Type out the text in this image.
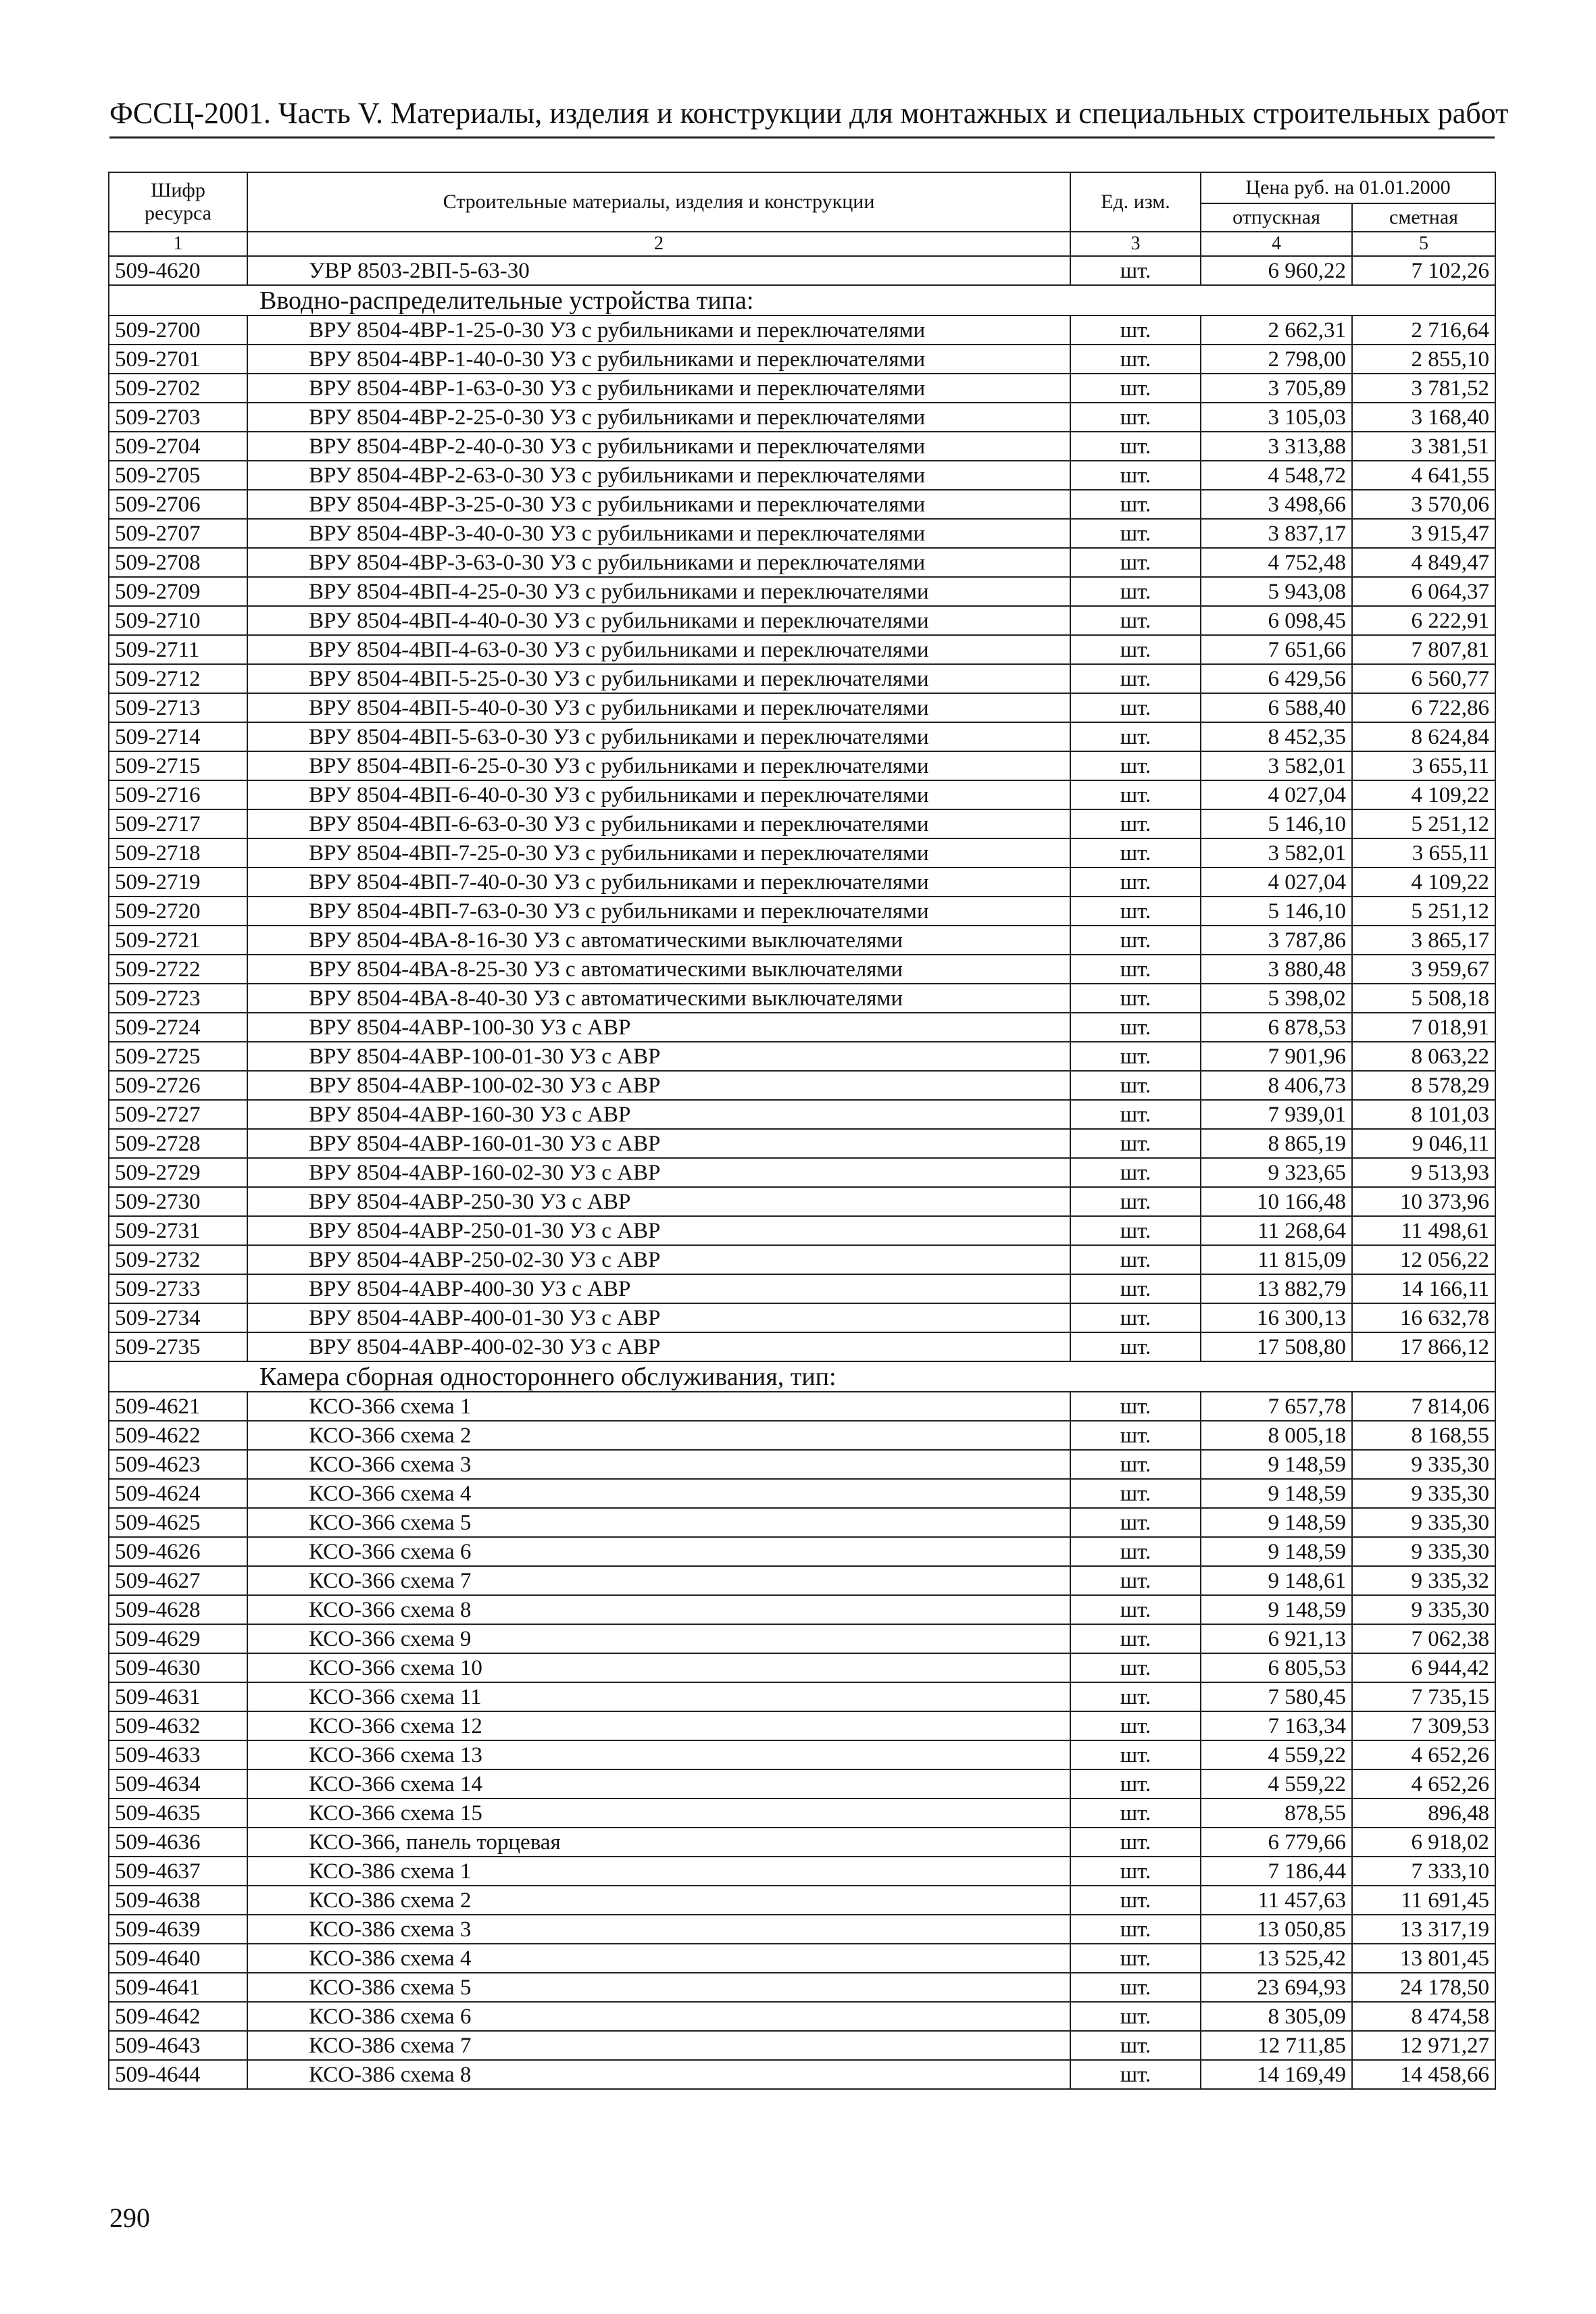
ФССЦ-2001. Часть V. Материалы, изделия и конструкции для монтажных и специальных строительных работ
Шифр ресурса	Строительные материалы, изделия и конструкции	Ед. изм.	Цена руб. на 01.01.2000	
			отпускная	сметная
1	2	3	4	5
509-4620	УВР 8503-2ВП-5-63-30	шт.	6 960,22	7 102,26
Вводно-распределительные устройства типа:				
509-2700	ВРУ 8504-4ВР-1-25-0-30 УЗ с рубильниками и переключателями	шт.	2 662,31	2 716,64
509-2701	ВРУ 8504-4ВР-1-40-0-30 УЗ с рубильниками и переключателями	шт.	2 798,00	2 855,10
509-2702	ВРУ 8504-4ВР-1-63-0-30 УЗ с рубильниками и переключателями	шт.	3 705,89	3 781,52
509-2703	ВРУ 8504-4ВР-2-25-0-30 УЗ с рубильниками и переключателями	шт.	3 105,03	3 168,40
509-2704	ВРУ 8504-4ВР-2-40-0-30 УЗ с рубильниками и переключателями	шт.	3 313,88	3 381,51
509-2705	ВРУ 8504-4ВР-2-63-0-30 УЗ с рубильниками и переключателями	шт.	4 548,72	4 641,55
509-2706	ВРУ 8504-4ВР-3-25-0-30 УЗ с рубильниками и переключателями	шт.	3 498,66	3 570,06
509-2707	ВРУ 8504-4ВР-3-40-0-30 УЗ с рубильниками и переключателями	шт.	3 837,17	3 915,47
509-2708	ВРУ 8504-4ВР-3-63-0-30 УЗ с рубильниками и переключателями	шт.	4 752,48	4 849,47
509-2709	ВРУ 8504-4ВП-4-25-0-30 УЗ с рубильниками и переключателями	шт.	5 943,08	6 064,37
509-2710	ВРУ 8504-4ВП-4-40-0-30 УЗ с рубильниками и переключателями	шт.	6 098,45	6 222,91
509-2711	ВРУ 8504-4ВП-4-63-0-30 УЗ с рубильниками и переключателями	шт.	7 651,66	7 807,81
509-2712	ВРУ 8504-4ВП-5-25-0-30 УЗ с рубильниками и переключателями	шт.	6 429,56	6 560,77
509-2713	ВРУ 8504-4ВП-5-40-0-30 УЗ с рубильниками и переключателями	шт.	6 588,40	6 722,86
509-2714	ВРУ 8504-4ВП-5-63-0-30 УЗ с рубильниками и переключателями	шт.	8 452,35	8 624,84
509-2715	ВРУ 8504-4ВП-6-25-0-30 УЗ с рубильниками и переключателями	шт.	3 582,01	3 655,11
509-2716	ВРУ 8504-4ВП-6-40-0-30 УЗ с рубильниками и переключателями	шт.	4 027,04	4 109,22
509-2717	ВРУ 8504-4ВП-6-63-0-30 УЗ с рубильниками и переключателями	шт.	5 146,10	5 251,12
509-2718	ВРУ 8504-4ВП-7-25-0-30 УЗ с рубильниками и переключателями	шт.	3 582,01	3 655,11
509-2719	ВРУ 8504-4ВП-7-40-0-30 УЗ с рубильниками и переключателями	шт.	4 027,04	4 109,22
509-2720	ВРУ 8504-4ВП-7-63-0-30 УЗ с рубильниками и переключателями	шт.	5 146,10	5 251,12
509-2721	ВРУ 8504-4ВА-8-16-30 УЗ с автоматическими выключателями	шт.	3 787,86	3 865,17
509-2722	ВРУ 8504-4ВА-8-25-30 УЗ с автоматическими выключателями	шт.	3 880,48	3 959,67
509-2723	ВРУ 8504-4ВА-8-40-30 УЗ с автоматическими выключателями	шт.	5 398,02	5 508,18
509-2724	ВРУ 8504-4АВР-100-30 УЗ с АВР	шт.	6 878,53	7 018,91
509-2725	ВРУ 8504-4АВР-100-01-30 УЗ с АВР	шт.	7 901,96	8 063,22
509-2726	ВРУ 8504-4АВР-100-02-30 УЗ с АВР	шт.	8 406,73	8 578,29
509-2727	ВРУ 8504-4АВР-160-30 УЗ с АВР	шт.	7 939,01	8 101,03
509-2728	ВРУ 8504-4АВР-160-01-30 УЗ с АВР	шт.	8 865,19	9 046,11
509-2729	ВРУ 8504-4АВР-160-02-30 УЗ с АВР	шт.	9 323,65	9 513,93
509-2730	ВРУ 8504-4АВР-250-30 УЗ с АВР	шт.	10 166,48	10 373,96
509-2731	ВРУ 8504-4АВР-250-01-30 УЗ с АВР	шт.	11 268,64	11 498,61
509-2732	ВРУ 8504-4АВР-250-02-30 УЗ с АВР	шт.	11 815,09	12 056,22
509-2733	ВРУ 8504-4АВР-400-30 УЗ с АВР	шт.	13 882,79	14 166,11
509-2734	ВРУ 8504-4АВР-400-01-30 УЗ с АВР	шт.	16 300,13	16 632,78
509-2735	ВРУ 8504-4АВР-400-02-30 УЗ с АВР	шт.	17 508,80	17 866,12
Камера сборная одностороннего обслуживания, тип:				
509-4621	КСО-366 схема 1	шт.	7 657,78	7 814,06
509-4622	КСО-366 схема 2	шт.	8 005,18	8 168,55
509-4623	КСО-366 схема 3	шт.	9 148,59	9 335,30
509-4624	КСО-366 схема 4	шт.	9 148,59	9 335,30
509-4625	КСО-366 схема 5	шт.	9 148,59	9 335,30
509-4626	КСО-366 схема 6	шт.	9 148,59	9 335,30
509-4627	КСО-366 схема 7	шт.	9 148,61	9 335,32
509-4628	КСО-366 схема 8	шт.	9 148,59	9 335,30
509-4629	КСО-366 схема 9	шт.	6 921,13	7 062,38
509-4630	КСО-366 схема 10	шт.	6 805,53	6 944,42
509-4631	КСО-366 схема 11	шт.	7 580,45	7 735,15
509-4632	КСО-366 схема 12	шт.	7 163,34	7 309,53
509-4633	КСО-366 схема 13	шт.	4 559,22	4 652,26
509-4634	КСО-366 схема 14	шт.	4 559,22	4 652,26
509-4635	КСО-366 схема 15	шт.	878,55	896,48
509-4636	КСО-366, панель торцевая	шт.	6 779,66	6 918,02
509-4637	КСО-386 схема 1	шт.	7 186,44	7 333,10
509-4638	КСО-386 схема 2	шт.	11 457,63	11 691,45
509-4639	КСО-386 схема 3	шт.	13 050,85	13 317,19
509-4640	КСО-386 схема 4	шт.	13 525,42	13 801,45
509-4641	КСО-386 схема 5	шт.	23 694,93	24 178,50
509-4642	КСО-386 схема 6	шт.	8 305,09	8 474,58
509-4643	КСО-386 схема 7	шт.	12 711,85	12 971,27
509-4644	КСО-386 схема 8	шт.	14 169,49	14 458,66
290
